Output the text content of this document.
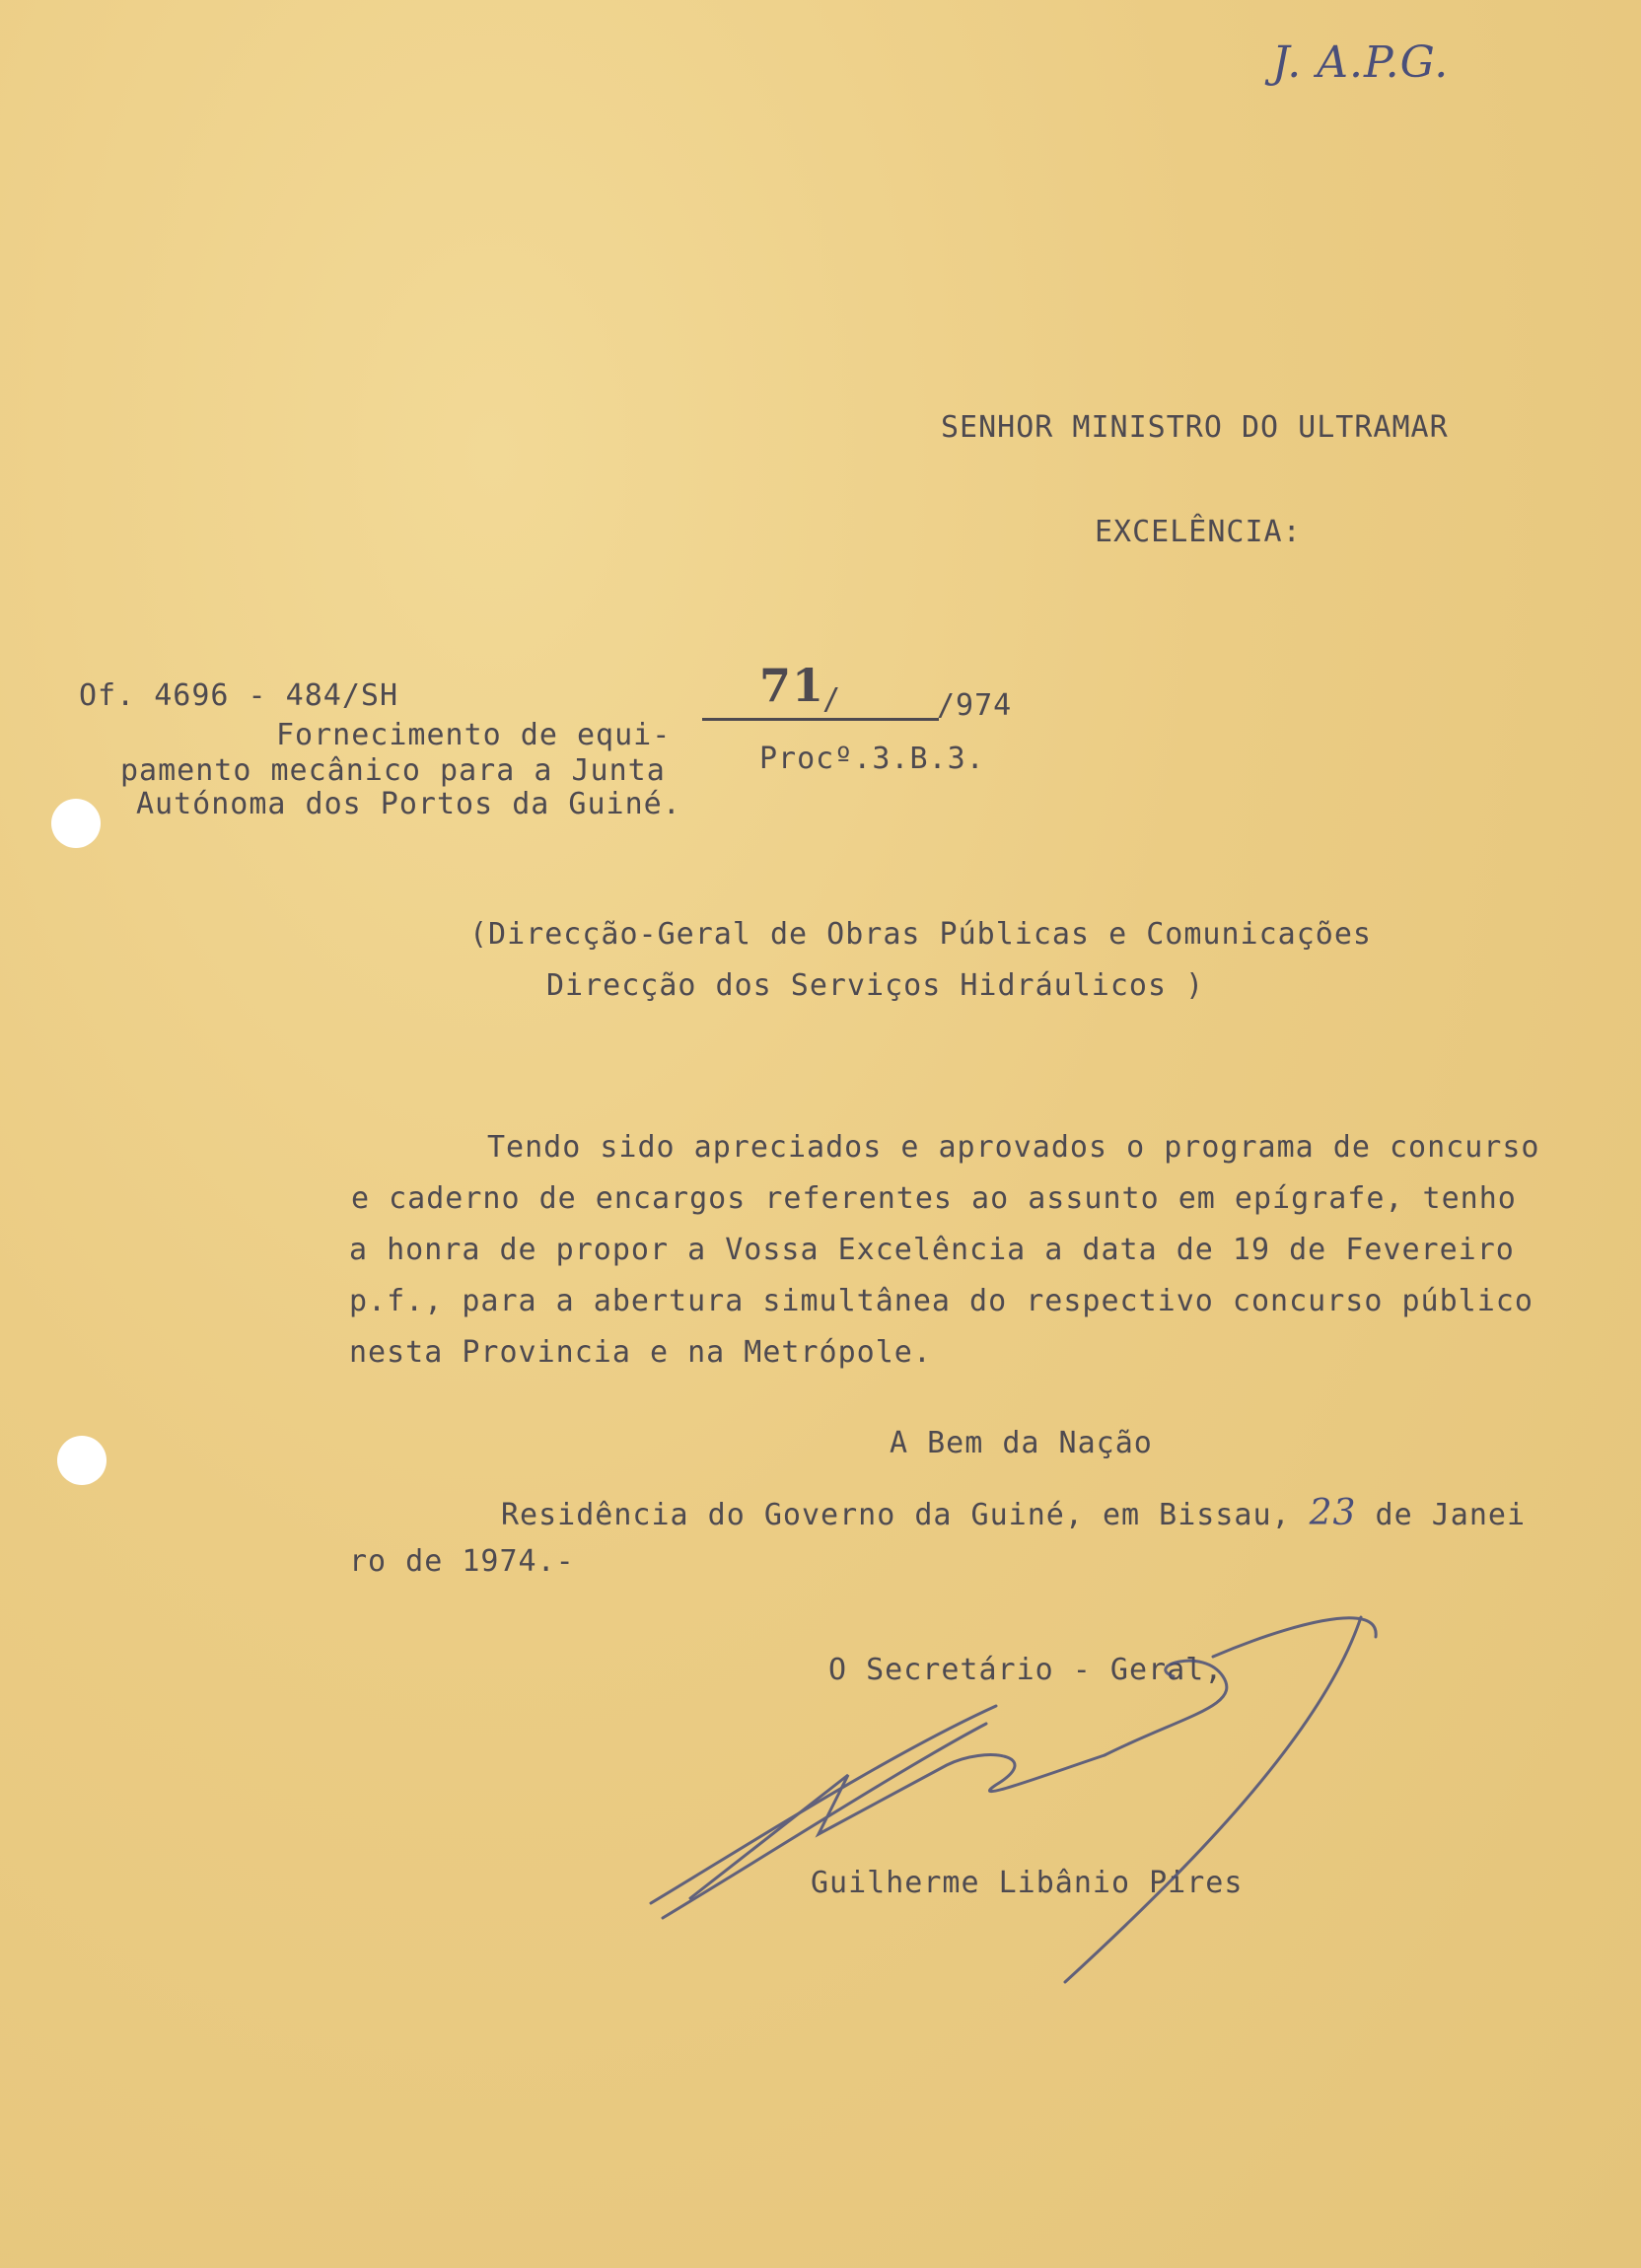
J. A.P.G.
SENHOR MINISTRO DO ULTRAMAR
EXCELÊNCIA:
Of. 4696 - 484/SH	71
/	/974
Fornecimento de equi-
pamento mecânico para a Junta
Autónoma dos Portos da Guiné.
Procº.3.B.3.
(Direcção-Geral de Obras Públicas e Comunicações
Direcção dos Serviços Hidráulicos )
Tendo sido apreciados e aprovados o programa de concurso
e caderno de encargos referentes ao assunto em epígrafe, tenho
a honra de propor a Vossa Excelência a data de 19 de Fevereiro
p.f., para a abertura simultânea do respectivo concurso público
nesta Provincia e na Metrópole.
A Bem da Nação
Residência do Governo da Guiné, em Bissau, 23 de Janei
ro de 1974.-
O Secretário - Geral,
Guilherme Libânio Pires
